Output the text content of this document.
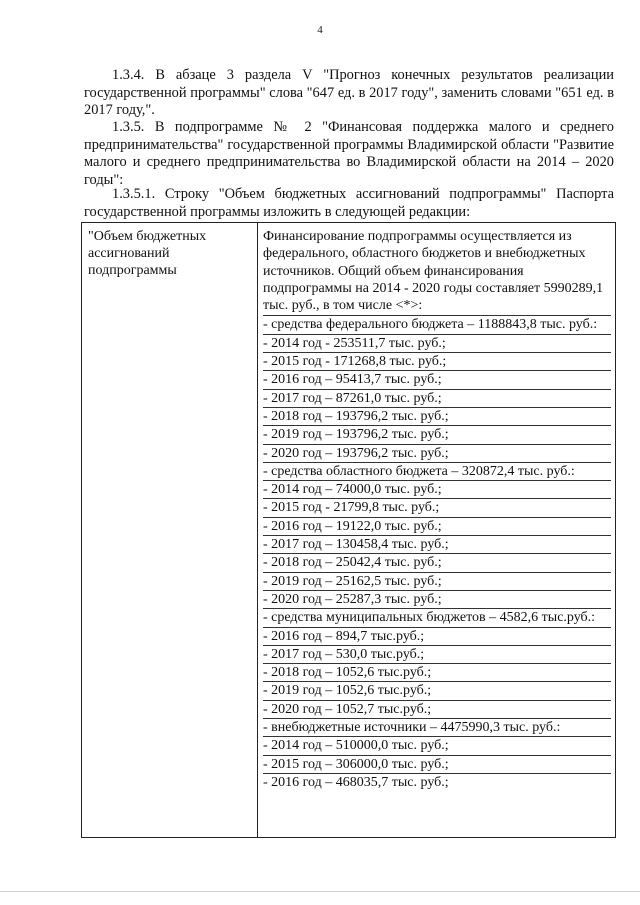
4

1.3.4. В абзаце 3 раздела V "Прогноз конечных результатов реализации государственной программы" слова "647 ед. в 2017 году", заменить словами "651 ед. в 2017 году,".

1.3.5. В подпрограмме № 2 "Финансовая поддержка малого и среднего предпринимательства" государственной программы Владимирской области "Развитие малого и среднего предпринимательства во Владимирской области на 2014 – 2020 годы":

1.3.5.1. Строку "Объем бюджетных ассигнований подпрограммы" Паспорта государственной программы изложить в следующей редакции:

"Объем бюджетных ассигнований подпрограммы
Финансирование подпрограммы осуществляется из федерального, областного бюджетов и внебюджетных источников. Общий объем финансирования подпрограммы на 2014 - 2020 годы составляет 5990289,1 тыс. руб., в том числе <*>:
- средства федерального бюджета – 1188843,8 тыс. руб.:
- 2014 год - 253511,7 тыс. руб.;
- 2015 год - 171268,8 тыс. руб.;
- 2016 год – 95413,7 тыс. руб.;
- 2017 год – 87261,0 тыс. руб.;
- 2018 год – 193796,2 тыс. руб.;
- 2019 год – 193796,2 тыс. руб.;
- 2020 год – 193796,2 тыс. руб.;
- средства областного бюджета – 320872,4 тыс. руб.:
- 2014 год – 74000,0 тыс. руб.;
- 2015 год - 21799,8 тыс. руб.;
- 2016 год – 19122,0 тыс. руб.;
- 2017 год – 130458,4 тыс. руб.;
- 2018 год – 25042,4 тыс. руб.;
- 2019 год – 25162,5 тыс. руб.;
- 2020 год – 25287,3 тыс. руб.;
- средства муниципальных бюджетов – 4582,6 тыс.руб.:
- 2016 год – 894,7 тыс.руб.;
- 2017 год – 530,0 тыс.руб.;
- 2018 год – 1052,6 тыс.руб.;
- 2019 год – 1052,6 тыс.руб.;
- 2020 год – 1052,7 тыс.руб.;
- внебюджетные источники – 4475990,3 тыс. руб.:
- 2014 год – 510000,0 тыс. руб.;
- 2015 год – 306000,0 тыс. руб.;
- 2016 год – 468035,7 тыс. руб.;
